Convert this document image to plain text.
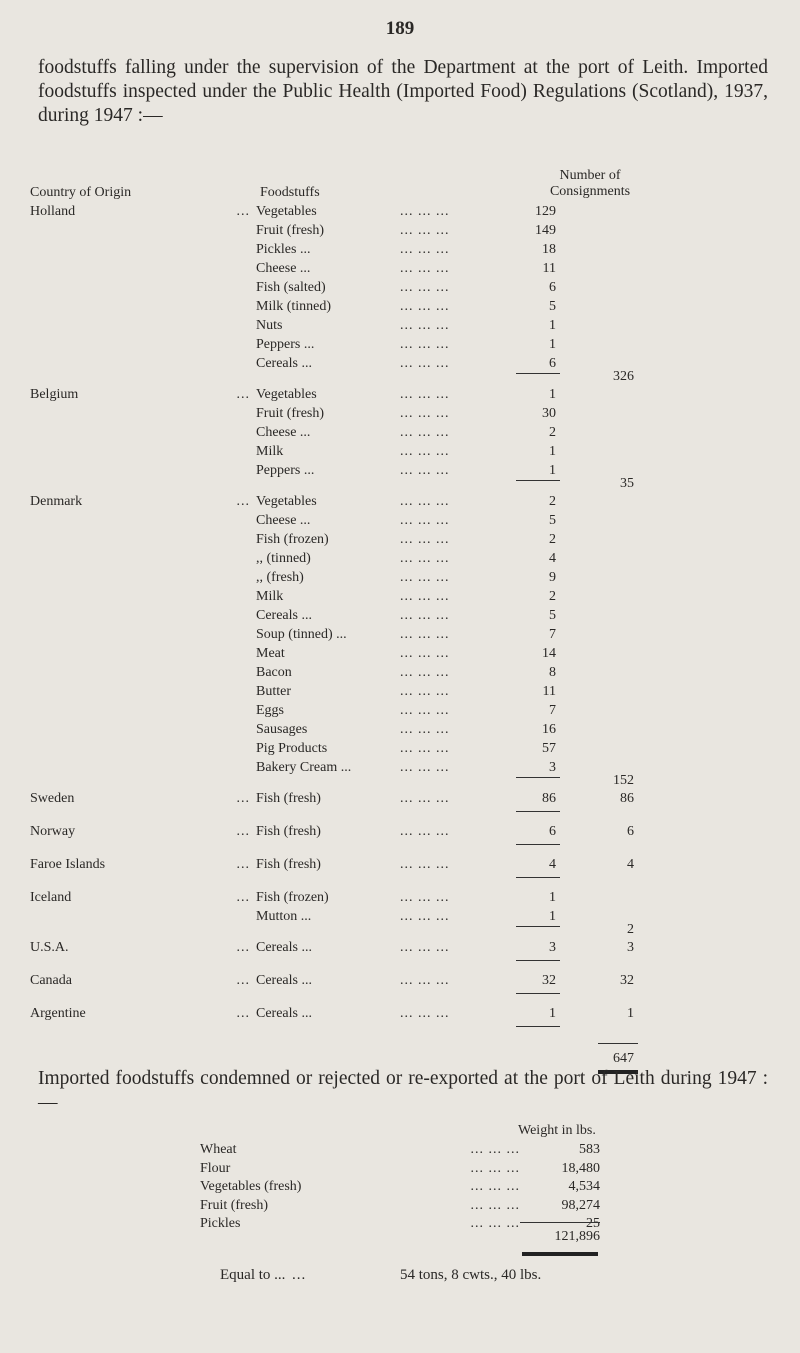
189

foodstuffs falling under the supervision of the Department at the port of Leith. Imported foodstuffs inspected under the Public Health (Imported Food) Regulations (Scotland), 1937, during 1947 :—

Country of Origin	Foodstuffs
Number of
Consignments
Holland	... Vegetables	... ... ...	129
Fruit (fresh)	... ... ...	149
Pickles ...	... ... ...	18
Cheese ...	... ... ...	11
Fish (salted)	... ... ...	6
Milk (tinned)	... ... ...	5
Nuts	... ... ...	1
Peppers ...	... ... ...	1
Cereals ...	... ... ...	6
326
Belgium	... Vegetables	... ... ...	1
Fruit (fresh)	... ... ...	30
Cheese ...	... ... ...	2
Milk	... ... ...	1
Peppers ...	... ... ...	1
35
Denmark	... Vegetables	... ... ...	2
Cheese ...	... ... ...	5
Fish (frozen)	... ... ...	2
,, (tinned)	... ... ...	4
,, (fresh)	... ... ...	9
Milk	... ... ...	2
Cereals ...	... ... ...	5
Soup (tinned) ...	... ... ...	7
Meat	... ... ...	14
Bacon	... ... ...	8
Butter	... ... ...	11
Eggs	... ... ...	7
Sausages	... ... ...	16
Pig Products	... ... ...	57
Bakery Cream ...	... ... ...	3
152
Sweden	... Fish (fresh)	... ... ...	86	86
Norway	... Fish (fresh)	... ... ...	6	6
Faroe Islands	... Fish (fresh)	... ... ...	4	4
Iceland	... Fish (frozen)	... ... ...	1
Mutton ...	... ... ...	1
2
U.S.A.	... Cereals ...	... ... ...	3	3
Canada	... Cereals ...	... ... ...	32	32
Argentine	... Cereals ...	... ... ...	1	1
647

Imported foodstuffs condemned or rejected or re-exported at the port of Leith during 1947 :—

Weight in lbs.
Wheat	... ... ...	583
Flour	... ... ...	18,480
Vegetables (fresh)	... ... ...	4,534
Fruit (fresh)	... ... ...	98,274
Pickles	... ... ...	25
121,896
Equal to ... ...	54 tons, 8 cwts., 40 lbs.
